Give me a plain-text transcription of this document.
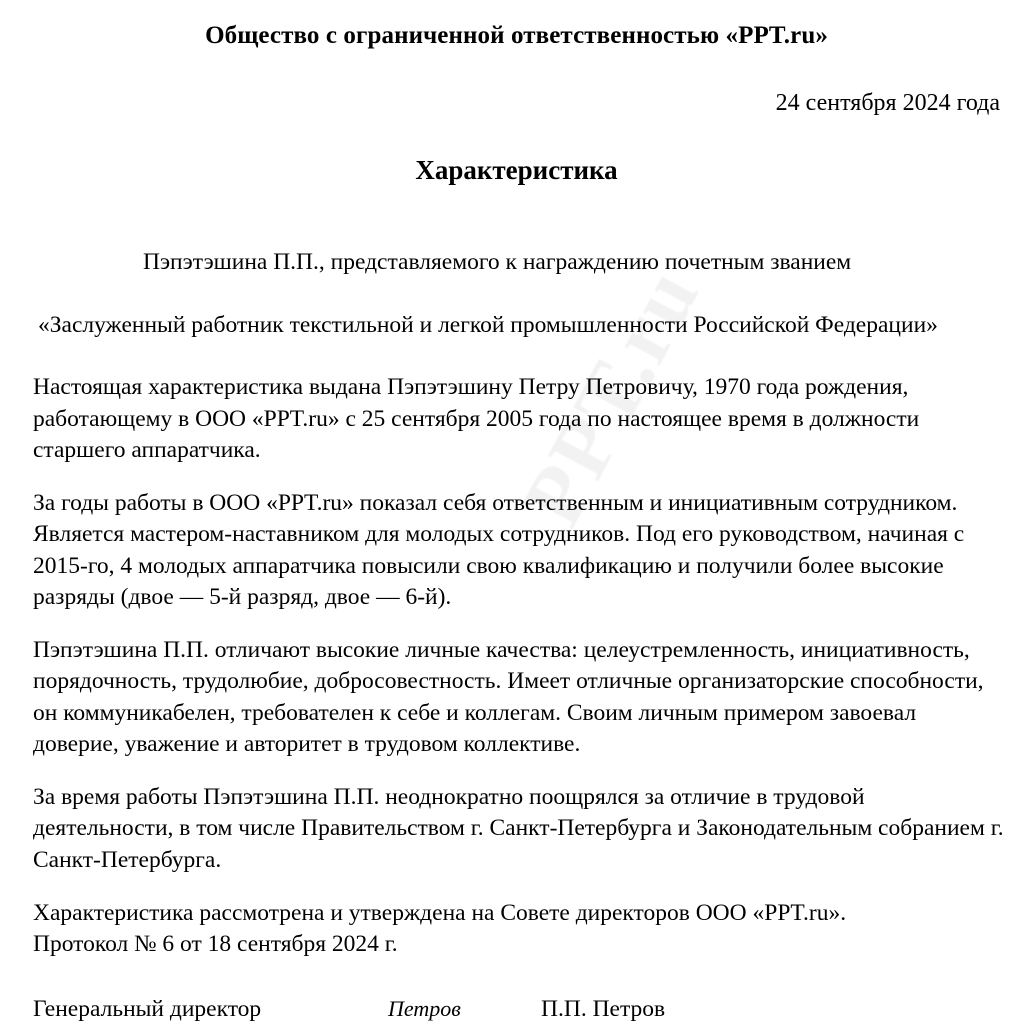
PPT.ru
Общество с ограниченной ответственностью «PPT.ru»
24 сентября 2024 года
Характеристика

Пэпэтэшина П.П., представляемого к награждению почетным званием

«Заслуженный работник текстильной и легкой промышленности Российской Федерации»

Настоящая характеристика выдана Пэпэтэшину Петру Петровичу, 1970 года рождения, работающему в ООО «PPT.ru» с 25 сентября 2005 года по настоящее время в должности старшего аппаратчика.

За годы работы в ООО «PPT.ru» показал себя ответственным и инициативным сотрудником. Является мастером-наставником для молодых сотрудников. Под его руководством, начиная с 2015-го, 4 молодых аппаратчика повысили свою квалификацию и получили более высокие разряды (двое — 5-й разряд, двое — 6-й).

Пэпэтэшина П.П. отличают высокие личные качества: целеустремленность, инициативность, порядочность, трудолюбие, добросовестность. Имеет отличные организаторские способности, он коммуникабелен, требователен к себе и коллегам. Своим личным примером завоевал доверие, уважение и авторитет в трудовом коллективе.

За время работы Пэпэтэшина П.П. неоднократно поощрялся за отличие в трудовой деятельности, в том числе Правительством г. Санкт-Петербурга и Законодательным собранием г. Санкт-Петербурга.

Характеристика рассмотрена и утверждена на Совете директоров ООО «PPT.ru».
Протокол № 6 от 18 сентября 2024 г.

Генеральный директор	Петров	П.П. Петров
